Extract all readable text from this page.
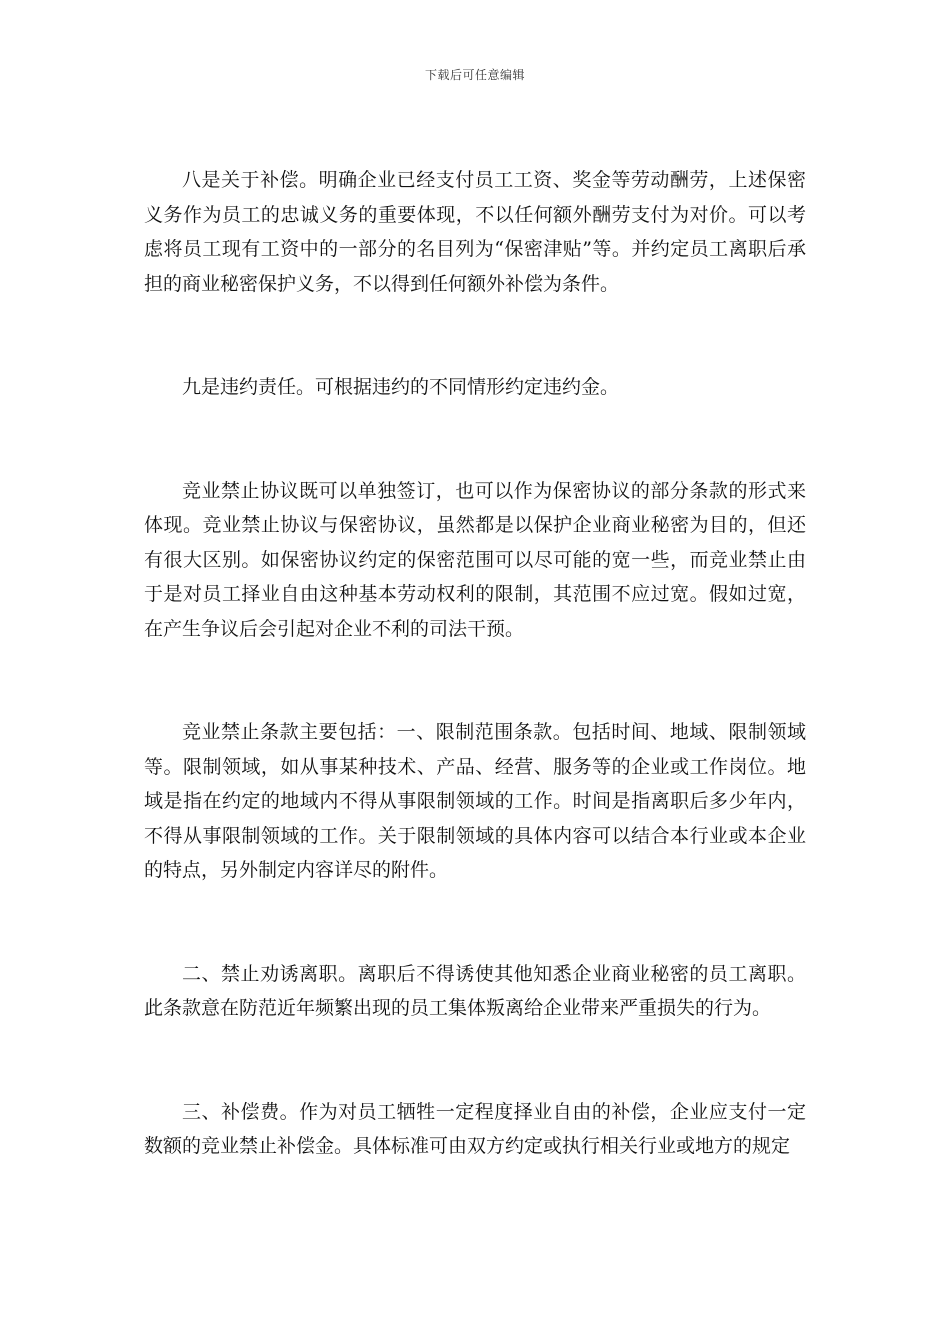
下载后可任意编辑

八是关于补偿。明确企业已经支付员工工资、奖金等劳动酬劳，上述保密义务作为员工的忠诚义务的重要体现，不以任何额外酬劳支付为对价。可以考虑将员工现有工资中的一部分的名目列为“保密津贴”等。并约定员工离职后承担的商业秘密保护义务，不以得到任何额外补偿为条件。

九是违约责任。可根据违约的不同情形约定违约金。

竞业禁止协议既可以单独签订，也可以作为保密协议的部分条款的形式来体现。竞业禁止协议与保密协议，虽然都是以保护企业商业秘密为目的，但还有很大区别。如保密协议约定的保密范围可以尽可能的宽一些，而竞业禁止由于是对员工择业自由这种基本劳动权利的限制，其范围不应过宽。假如过宽，在产生争议后会引起对企业不利的司法干预。

竞业禁止条款主要包括：一、限制范围条款。包括时间、地域、限制领域等。限制领域，如从事某种技术、产品、经营、服务等的企业或工作岗位。地域是指在约定的地域内不得从事限制领域的工作。时间是指离职后多少年内，不得从事限制领域的工作。关于限制领域的具体内容可以结合本行业或本企业的特点，另外制定内容详尽的附件。

二、禁止劝诱离职。离职后不得诱使其他知悉企业商业秘密的员工离职。此条款意在防范近年频繁出现的员工集体叛离给企业带来严重损失的行为。

三、补偿费。作为对员工牺牲一定程度择业自由的补偿，企业应支付一定数额的竞业禁止补偿金。具体标准可由双方约定或执行相关行业或地方的规定
